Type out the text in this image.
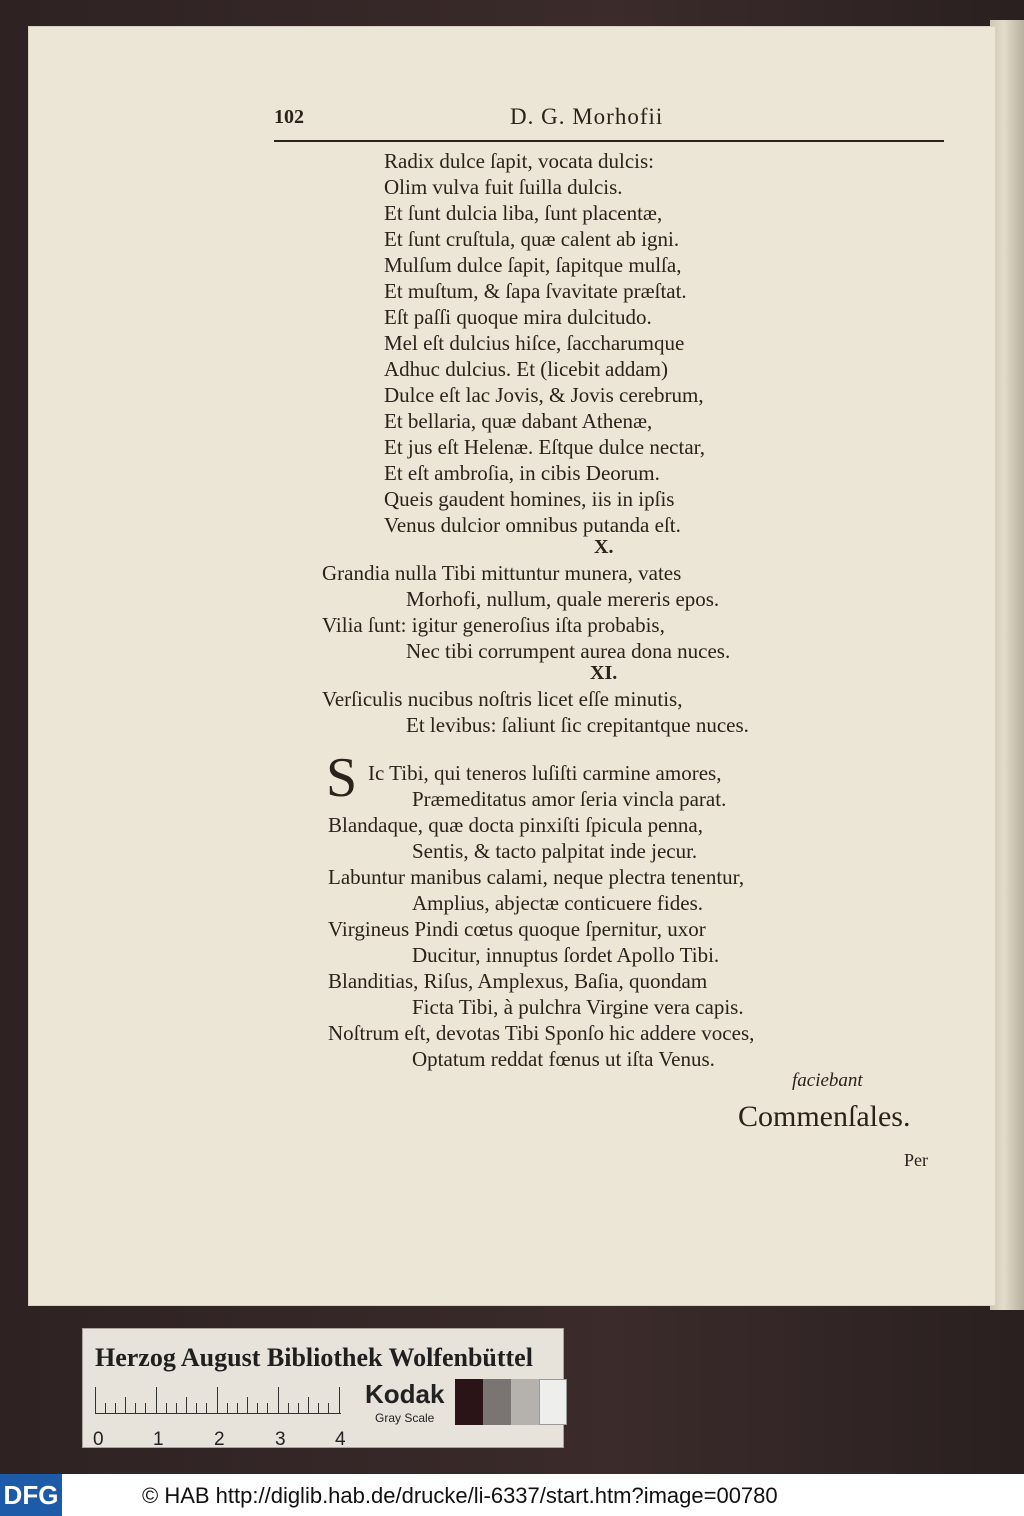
102	D. G. Morhofii
Radix dulce ſapit, vocata dulcis:
Olim vulva fuit ſuilla dulcis.
Et ſunt dulcia liba, ſunt placentæ,
Et ſunt cruſtula, quæ calent ab igni.
Mulſum dulce ſapit, ſapitque mulſa,
Et muſtum, & ſapa ſvavitate præſtat.
Eſt paſſi quoque mira dulcitudo.
Mel eſt dulcius hiſce, ſaccharumque
Adhuc dulcius. Et (licebit addam)
Dulce eſt lac Jovis, & Jovis cerebrum,
Et bellaria, quæ dabant Athenæ,
Et jus eſt Helenæ. Eſtque dulce nectar,
Et eſt ambroſia, in cibis Deorum.
Queis gaudent homines, iis in ipſis
Venus dulcior omnibus putanda eſt.
X.
Grandia nulla Tibi mittuntur munera, vates
Morhofi, nullum, quale mereris epos.
Vilia ſunt: igitur generoſius iſta probabis,
Nec tibi corrumpent aurea dona nuces.
XI.
Verſiculis nucibus noſtris licet eſſe minutis,
Et levibus: ſaliunt ſic crepitantque nuces.
S Ic Tibi, qui teneros luſiſti carmine amores,
Præmeditatus amor ſeria vincla parat.
Blandaque, quæ docta pinxiſti ſpicula penna,
Sentis, & tacto palpitat inde jecur.
Labuntur manibus calami, neque plectra tenentur,
Amplius, abjectæ conticuere fides.
Virgineus Pindi cœtus quoque ſpernitur, uxor
Ducitur, innuptus ſordet Apollo Tibi.
Blanditias, Riſus, Amplexus, Baſia, quondam
Ficta Tibi, à pulchra Virgine vera capis.
Noſtrum eſt, devotas Tibi Sponſo hic addere voces,
Optatum reddat fœnus ut iſta Venus.
faciebant
Commenſales.
Per
Herzog August Bibliothek Wolfenbüttel
0	1	2	3	4
Kodak
Gray Scale
DFG	© HAB http://diglib.hab.de/drucke/li-6337/start.htm?image=00780
